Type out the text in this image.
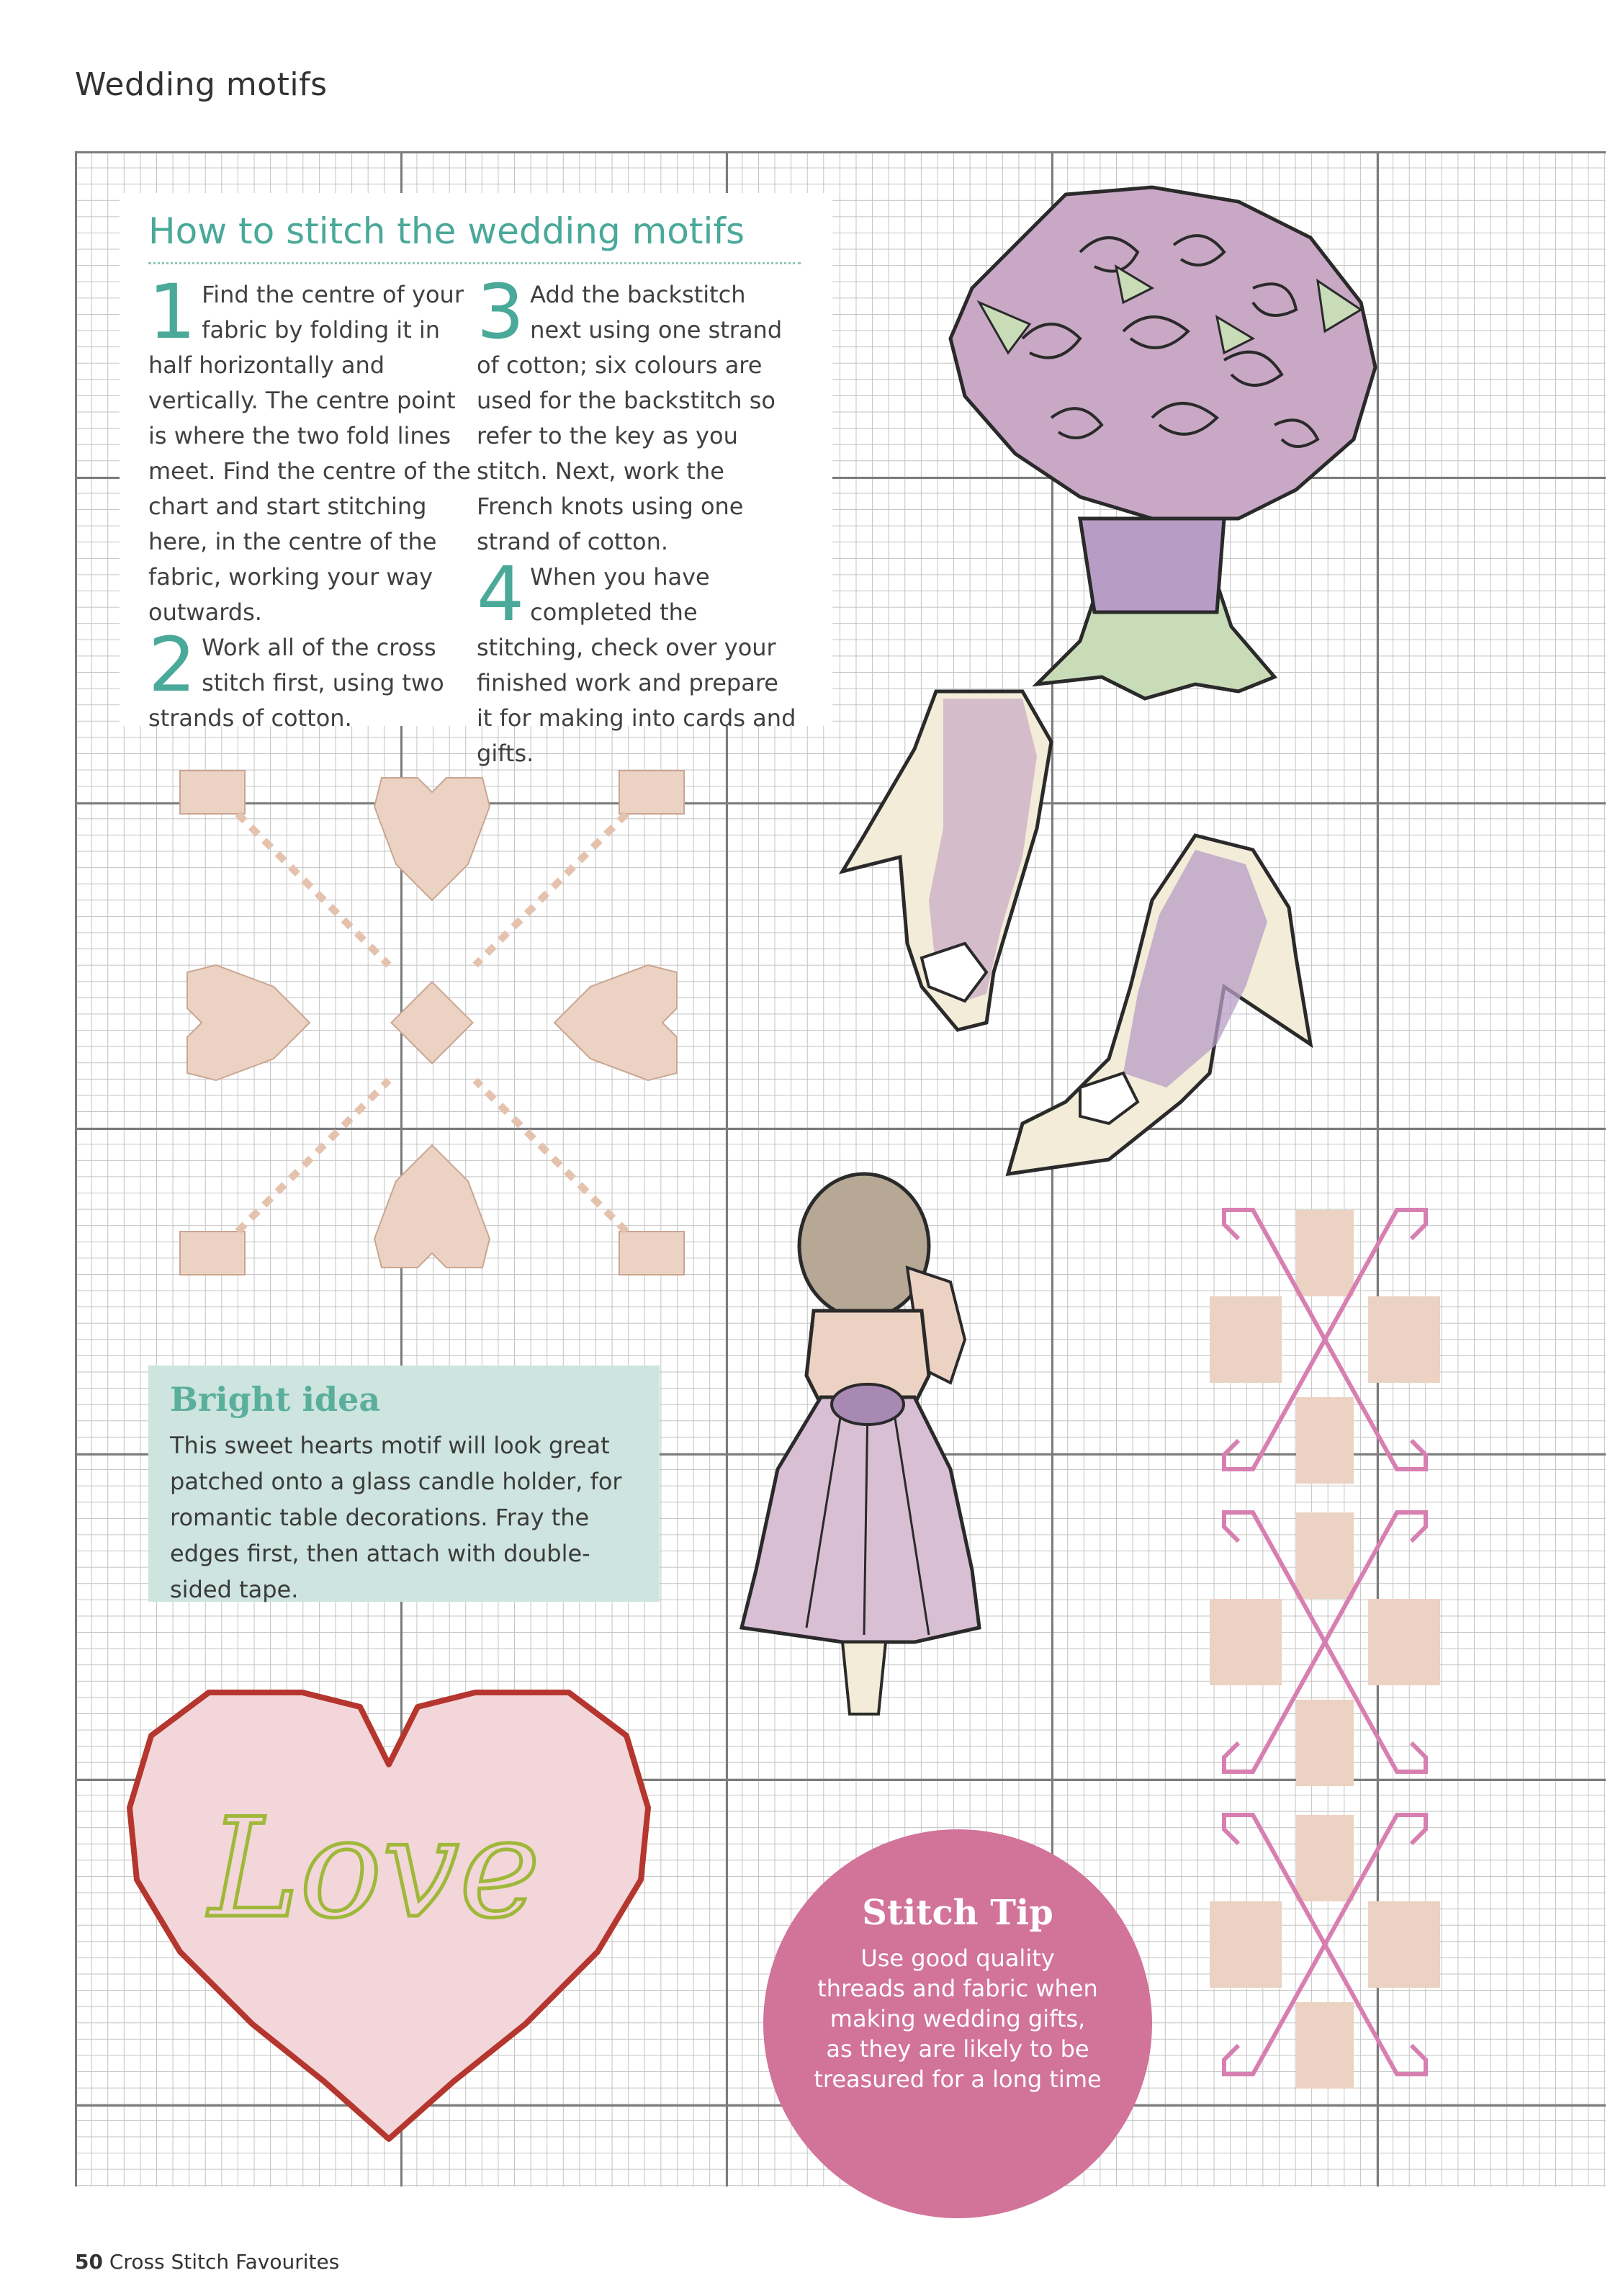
Wedding motifs
Love
How to stitch the wedding motifs

1 Find the centre of your fabric by folding it in half horizontally and vertically. The centre point is where the two fold lines meet. Find the centre of the chart and start stitching here, in the centre of the fabric, working your way outwards.

2 Work all of the cross stitch first, using two strands of cotton.

3 Add the backstitch next using one strand of cotton; six colours are used for the backstitch so refer to the key as you stitch. Next, work the French knots using one strand of cotton.

4 When you have completed the stitching, check over your finished work and prepare it for making into cards and gifts.

Bright idea

This sweet hearts motif will look great patched onto a glass candle holder, for romantic table decorations. Fray the edges first, then attach with double-sided tape.

Stitch Tip

Use good quality threads and fabric when making wedding gifts, as they are likely to be treasured for a long time

50 Cross Stitch Favourites
